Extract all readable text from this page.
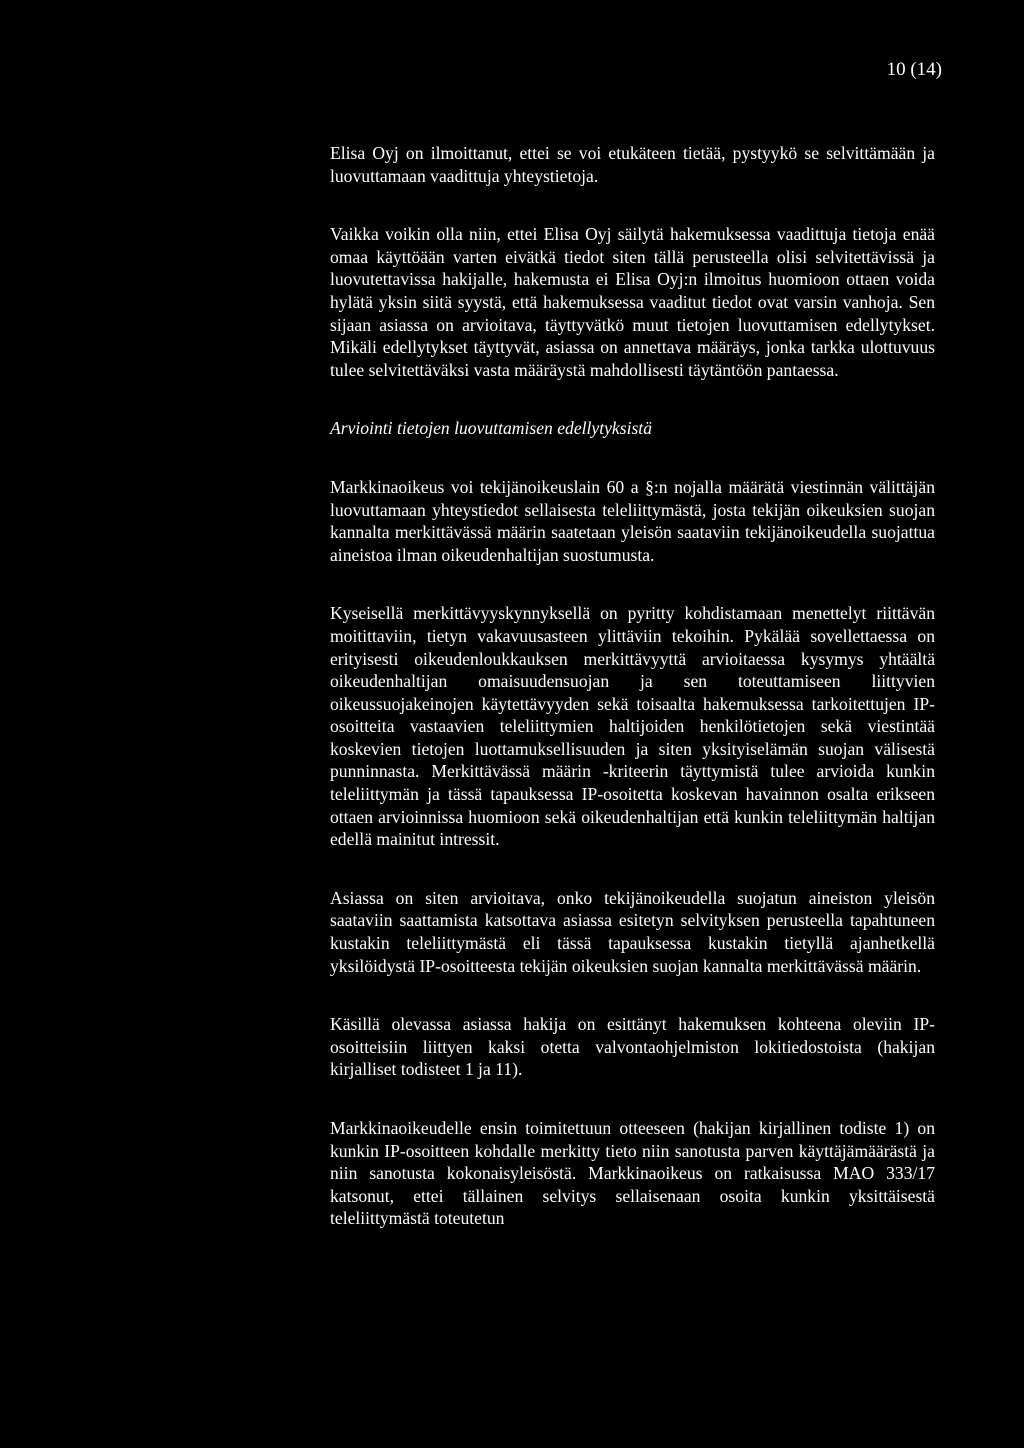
10 (14)

Elisa Oyj on ilmoittanut, ettei se voi etukäteen tietää, pystyykö se selvittämään ja luovuttamaan vaadittuja yhteystietoja.

Vaikka voikin olla niin, ettei Elisa Oyj säilytä hakemuksessa vaadittuja tietoja enää omaa käyttöään varten eivätkä tiedot siten tällä perusteella olisi selvitettävissä ja luovutettavissa hakijalle, hakemusta ei Elisa Oyj:n ilmoitus huomioon ottaen voida hylätä yksin siitä syystä, että hakemuksessa vaaditut tiedot ovat varsin vanhoja. Sen sijaan asiassa on arvioitava, täyttyvätkö muut tietojen luovuttamisen edellytykset. Mikäli edellytykset täyttyvät, asiassa on annettava määräys, jonka tarkka ulottuvuus tulee selvitettäväksi vasta määräystä mahdollisesti täytäntöön pantaessa.

Arviointi tietojen luovuttamisen edellytyksistä

Markkinaoikeus voi tekijänoikeuslain 60 a §:n nojalla määrätä viestinnän välittäjän luovuttamaan yhteystiedot sellaisesta teleliittymästä, josta tekijän oikeuksien suojan kannalta merkittävässä määrin saatetaan yleisön saataviin tekijänoikeudella suojattua aineistoa ilman oikeudenhaltijan suostumusta.

Kyseisellä merkittävyyskynnyksellä on pyritty kohdistamaan menettelyt riittävän moitittaviin, tietyn vakavuusasteen ylittäviin tekoihin. Pykälää sovellettaessa on erityisesti oikeudenloukkauksen merkittävyyttä arvioitaessa kysymys yhtäältä oikeudenhaltijan omaisuudensuojan ja sen toteuttamiseen liittyvien oikeussuojakeinojen käytettävyyden sekä toisaalta hakemuksessa tarkoitettujen IP-osoitteita vastaavien teleliittymien haltijoiden henkilötietojen sekä viestintää koskevien tietojen luottamuksellisuuden ja siten yksityiselämän suojan välisestä punninnasta. Merkittävässä määrin -kriteerin täyttymistä tulee arvioida kunkin teleliittymän ja tässä tapauksessa IP-osoitetta koskevan havainnon osalta erikseen ottaen arvioinnissa huomioon sekä oikeudenhaltijan että kunkin teleliittymän haltijan edellä mainitut intressit.

Asiassa on siten arvioitava, onko tekijänoikeudella suojatun aineiston yleisön saataviin saattamista katsottava asiassa esitetyn selvityksen perusteella tapahtuneen kustakin teleliittymästä eli tässä tapauksessa kustakin tietyllä ajanhetkellä yksilöidystä IP-osoitteesta tekijän oikeuksien suojan kannalta merkittävässä määrin.

Käsillä olevassa asiassa hakija on esittänyt hakemuksen kohteena oleviin IP-osoitteisiin liittyen kaksi otetta valvontaohjelmiston lokitiedostoista (hakijan kirjalliset todisteet 1 ja 11).

Markkinaoikeudelle ensin toimitettuun otteeseen (hakijan kirjallinen todiste 1) on kunkin IP-osoitteen kohdalle merkitty tieto niin sanotusta parven käyttäjämäärästä ja niin sanotusta kokonaisyleisöstä. Markkinaoikeus on ratkaisussa MAO 333/17 katsonut, ettei tällainen selvitys sellaisenaan osoita kunkin yksittäisestä teleliittymästä toteutetun
